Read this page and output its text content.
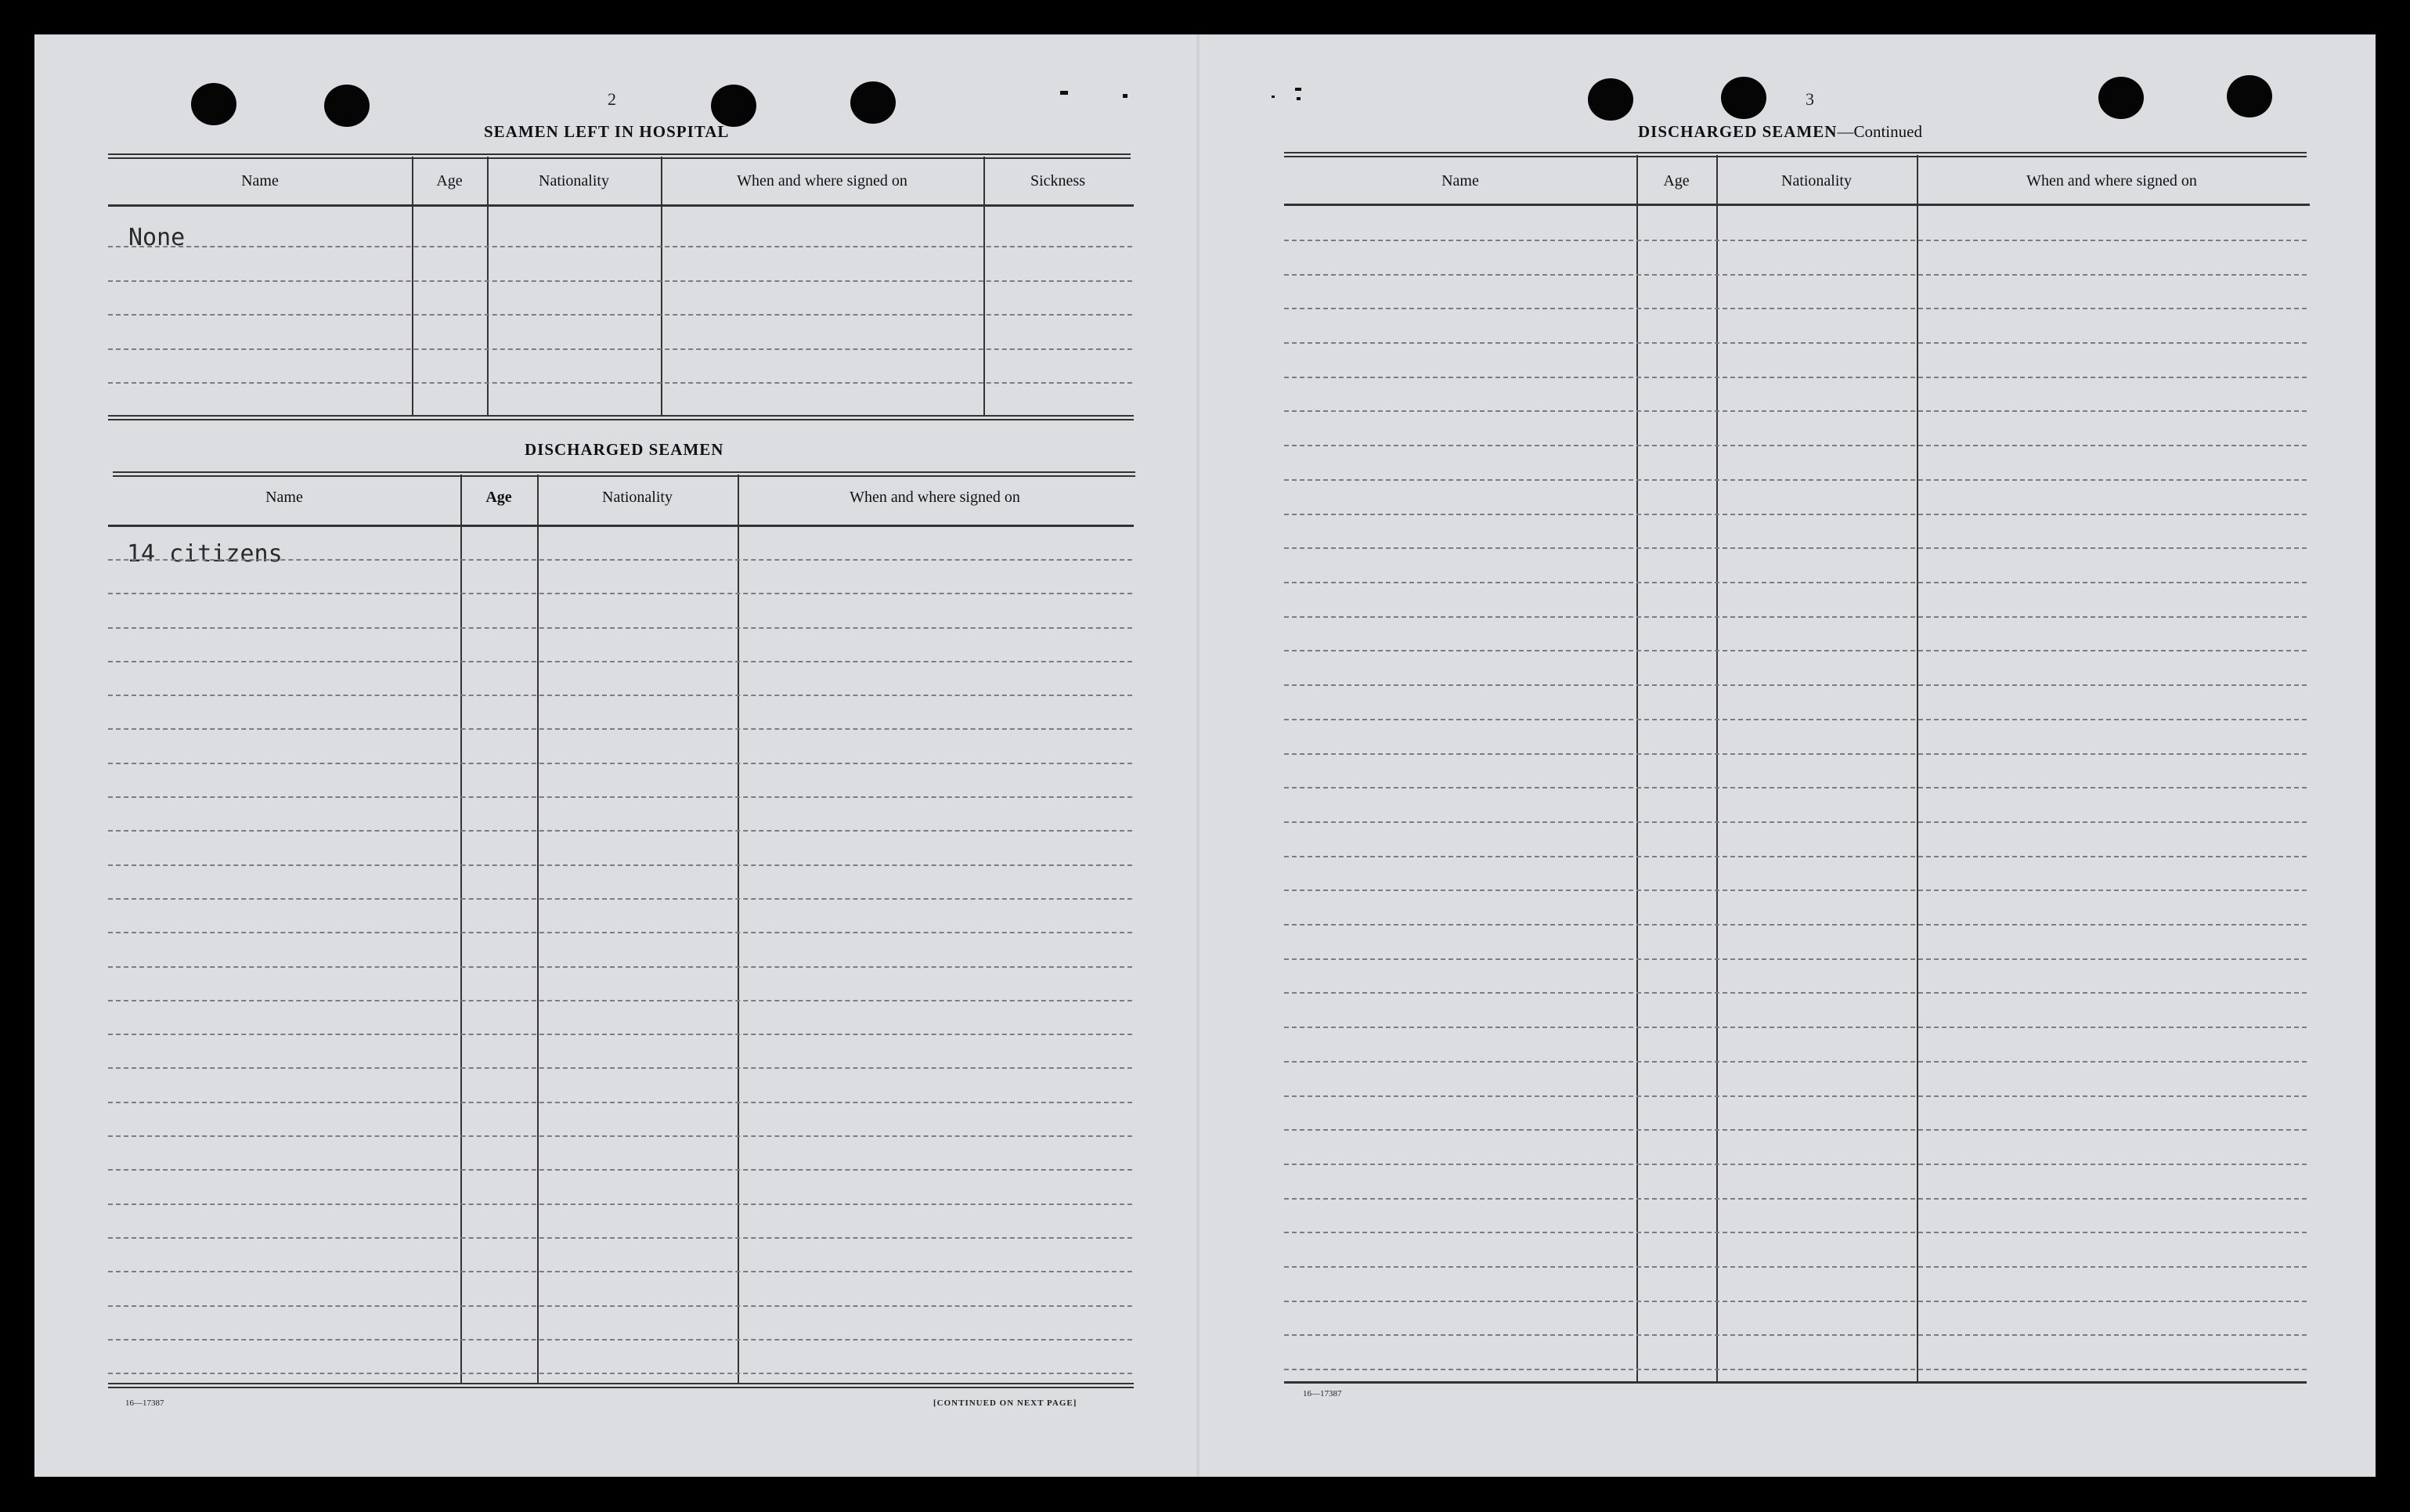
2
SEAMEN LEFT IN HOSPITAL
Name	Age	Nationality	When and where signed on	Sickness
None
DISCHARGED SEAMEN
Name	Age	Nationality	When and where signed on
14 citizens
16—17387	[CONTINUED ON NEXT PAGE]
3
DISCHARGED SEAMEN—Continued
Name	Age	Nationality	When and where signed on
16—17387
